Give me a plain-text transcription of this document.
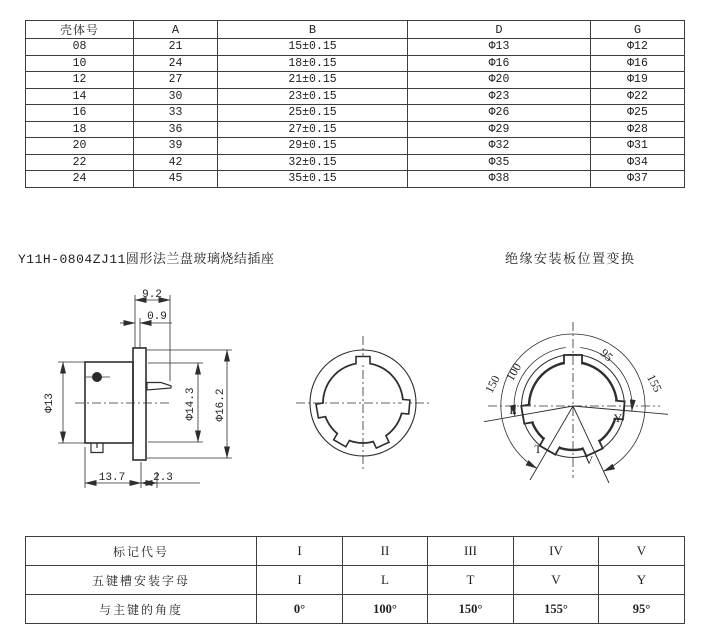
壳体号	A	B	D	G
08	21	15±0.15	Φ13	Φ12
10	24	18±0.15	Φ16	Φ16
12	27	21±0.15	Φ20	Φ19
14	30	23±0.15	Φ23	Φ22
16	33	25±0.15	Φ26	Φ25
18	36	27±0.15	Φ29	Φ28
20	39	29±0.15	Φ32	Φ31
22	42	32±0.15	Φ35	Φ34
24	45	35±0.15	Φ38	Φ37
Y11H-0804ZJ11圆形法兰盘玻璃烧结插座	绝缘安装板位置变换
9.2
0.9
Φ13	Φ14.3 Φ16.2
13.7	2.3
150
100
95
155
L
Y
T
V
标记代号	I	II	III	IV	V
五键槽安装字母	I	L	T	V	Y
与主键的角度	0°	100°	150°	155°	95°
